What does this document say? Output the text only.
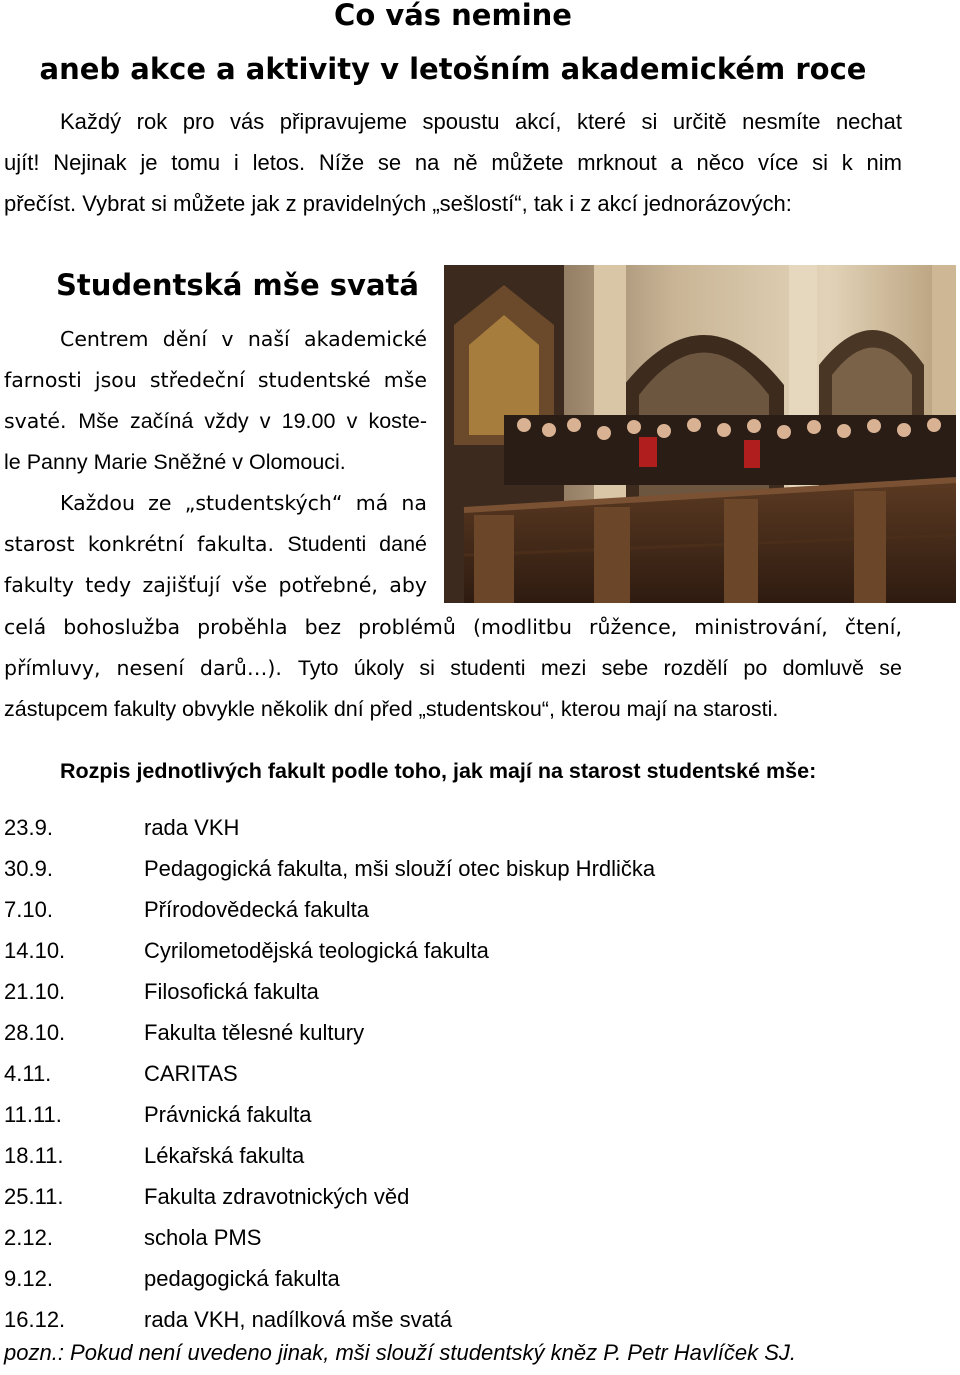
Co vás nemine
aneb akce a aktivity v letošním akademickém roce

Každý rok pro vás připravujeme spoustu akcí, které si určitě nesmíte nechat
ujít! Nejinak je tomu i letos. Níže se na ně můžete mrknout a něco více si k nim
přečíst. Vybrat si můžete jak z pravidelných „sešlostí“, tak i z akcí jednorázových:

Studentská mše svatá

Centrem dění v naší akademické
farnosti jsou středeční studentské mše
svaté. Mše začíná vždy v 19.00 v koste-
le Panny Marie Sněžné v Olomouci.
Každou ze „studentských“ má na
starost konkrétní fakulta. Studenti dané
fakulty tedy zajišťují vše potřebné, aby

celá bohoslužba proběhla bez problémů (modlitbu růžence, ministrování, čtení,
přímluvy, nesení darů…). Tyto úkoly si studenti mezi sebe rozdělí po domluvě se
zástupcem fakulty obvykle několik dní před „studentskou“, kterou mají na starosti.

Rozpis jednotlivých fakult podle toho, jak mají na starost studentské mše:
23.9.	rada VKH
30.9.	Pedagogická fakulta, mši slouží otec biskup Hrdlička
7.10.	Přírodovědecká fakulta
14.10.	Cyrilometodějská teologická fakulta
21.10.	Filosofická fakulta
28.10.	Fakulta tělesné kultury
4.11.	CARITAS
11.11.	Právnická fakulta
18.11.	Lékařská fakulta
25.11.	Fakulta zdravotnických věd
2.12.	schola PMS
9.12.	pedagogická fakulta
16.12.	rada VKH, nadílková mše svatá

pozn.: Pokud není uvedeno jinak, mši slouží studentský kněz P. Petr Havlíček SJ.
